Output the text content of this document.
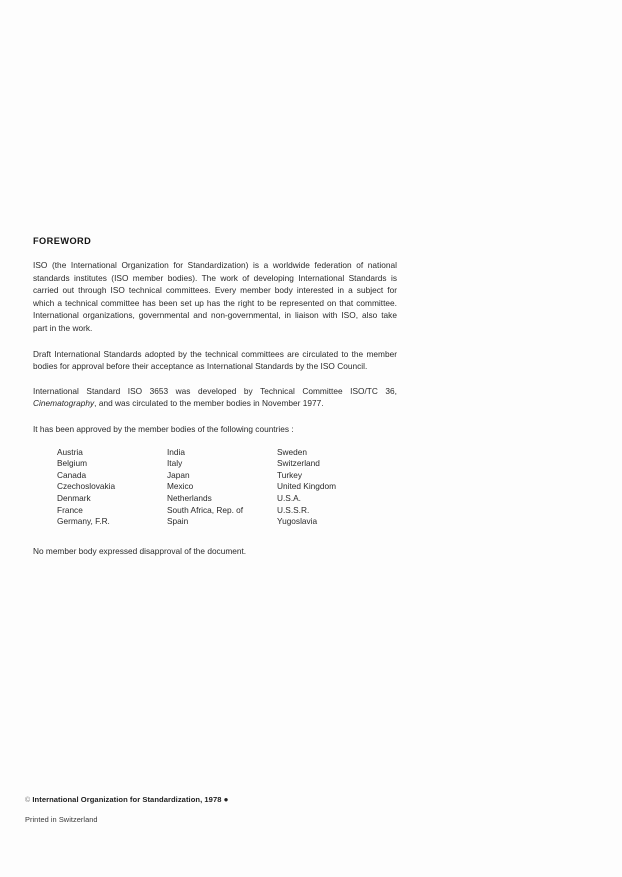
FOREWORD

ISO (the International Organization for Standardization) is a worldwide federation of national standards institutes (ISO member bodies). The work of developing International Standards is carried out through ISO technical committees. Every member body interested in a subject for which a technical committee has been set up has the right to be represented on that committee. International organizations, governmental and non-governmental, in liaison with ISO, also take part in the work.

Draft International Standards adopted by the technical committees are circulated to the member bodies for approval before their acceptance as International Standards by the ISO Council.

International Standard ISO 3653 was developed by Technical Committee ISO/TC 36, Cinematography, and was circulated to the member bodies in November 1977.

It has been approved by the member bodies of the following countries :

Austria	India	Sweden
Belgium	Italy	Switzerland
Canada	Japan	Turkey
Czechoslovakia	Mexico	United Kingdom
Denmark	Netherlands	U.S.A.
France	South Africa, Rep. of	U.S.S.R.
Germany, F.R.	Spain	Yugoslavia

No member body expressed disapproval of the document.

© International Organization for Standardization, 1978 ●
Printed in Switzerland
